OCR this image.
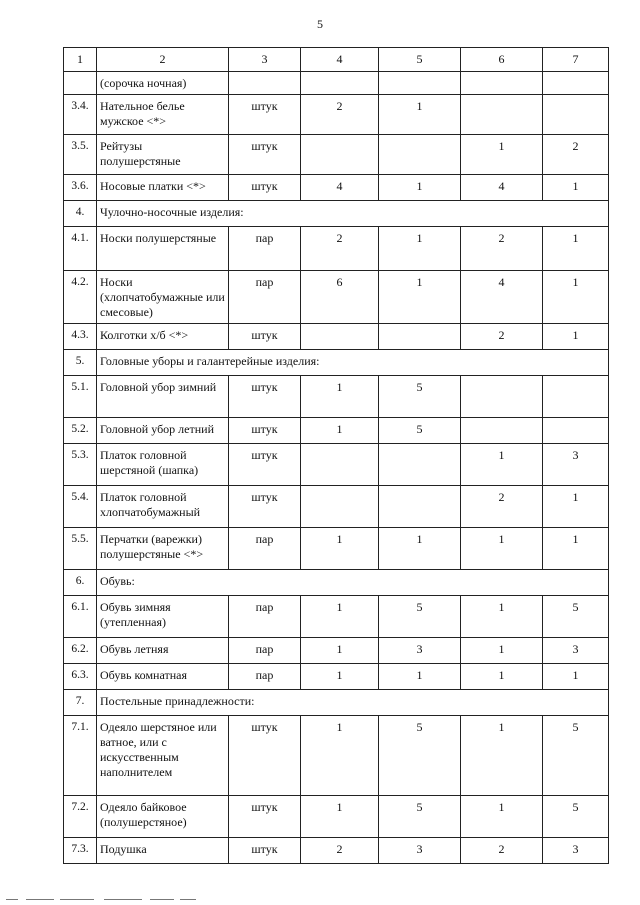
5
1	2	3	4	5	6	7
	(сорочка ночная)					
3.4.	Нательное белье мужское <*>	штук	2	1		
3.5.	Рейтузы полушерстяные	штук			1	2
3.6.	Носовые платки <*>	штук	4	1	4	1
4.	Чулочно-носочные изделия:					
4.1.	Носки полушерстяные	пар	2	1	2	1
4.2.	Носки (хлопчатобумажные или смесовые)	пар	6	1	4	1
4.3.	Колготки х/б <*>	штук			2	1
5.	Головные уборы и галантерейные изделия:					
5.1.	Головной убор зимний	штук	1	5		
5.2.	Головной убор летний	штук	1	5		
5.3.	Платок головной шерстяной (шапка)	штук			1	3
5.4.	Платок головной хлопчатобумажный	штук			2	1
5.5.	Перчатки (варежки) полушерстяные <*>	пар	1	1	1	1
6.	Обувь:					
6.1.	Обувь зимняя (утепленная)	пар	1	5	1	5
6.2.	Обувь летняя	пар	1	3	1	3
6.3.	Обувь комнатная	пар	1	1	1	1
7.	Постельные принадлежности:					
7.1.	Одеяло шерстяное или ватное, или с искусственным наполнителем	штук	1	5	1	5
7.2.	Одеяло байковое (полушерстяное)	штук	1	5	1	5
7.3.	Подушка	штук	2	3	2	3
